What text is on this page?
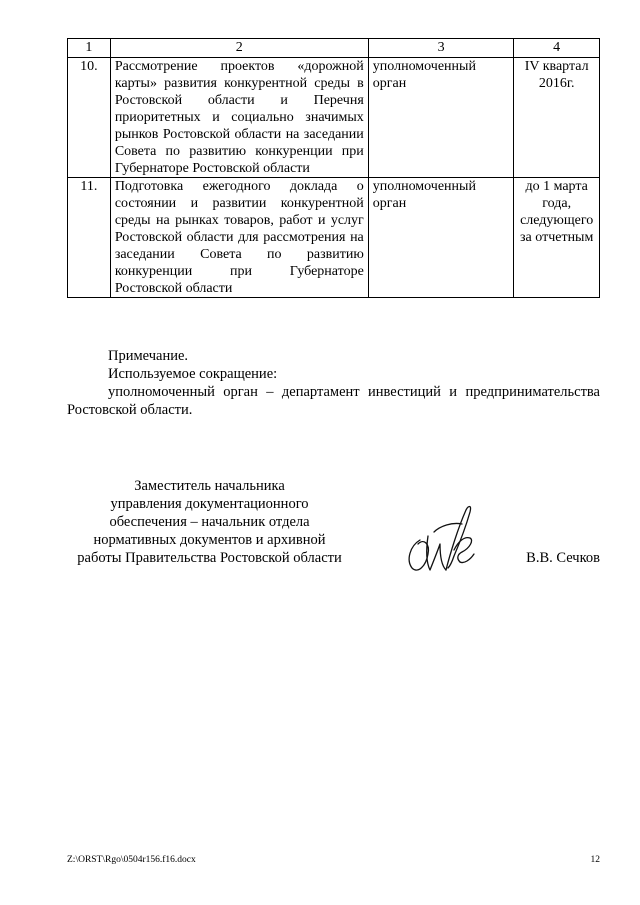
1	2	3	4
10.	Рассмотрение проектов «дорожной карты» развития конкурентной среды в Ростовской области и Перечня приоритетных и социально значимых рынков Ростовской области на заседании Совета по развитию конкуренции при Губернаторе Ростовской области	уполномоченный орган	IV квартал 2016г.
11.	Подготовка ежегодного доклада о состоянии и развитии конкурентной среды на рынках товаров, работ и услуг Ростовской области для рассмотрения на заседании Совета по развитию конкуренции при Губернаторе Ростовской области	уполномоченный орган	до 1 марта года, следующего за отчетным

Примечание.

Используемое сокращение:

уполномоченный орган – департамент инвестиций и предпринимательства Ростовской области.

Заместитель начальника
управления документационного
обеспечения – начальник отдела
нормативных документов и архивной
работы Правительства Ростовской области	В.В. Сечков
Z:\ORST\Rgo\0504r156.f16.docx	12
